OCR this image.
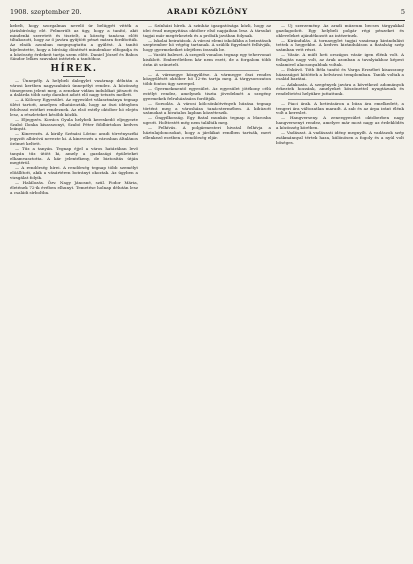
1908. szeptember 20.	ARADI KÖZLÖNY	5

kebelt, hogy szorgalmas nevelő úr belügyét vitték a járásbíróság elé. Felmerült az ügy, hogy a tanító, akit mindenki szeretett és tisztelt, a község tanácsa előtt tiltakozott, hogy az ő javára gyűjtött pénzt másra fordították. Az elnök azonban megnyugtatta a gyűlést. A tanító kijelentette, hogy a bíróság döntését mindenkor elfogadja és a közösség érdekeit tartja szem előtt. Daniel József és Babos Sándor lelkes szavakat intéztek a tanítóhoz.

HÍREK.

— Ünnepély. A helybeli dalegylet vasárnap délután a városi kertben nagyszabású ünnepélyt rendez. A közönség tömegesen jelent meg, a zenekar vidám indulókat játszott és a dalárda több szép darabot adott elő nagy tetszés mellett.

— A Kölcsey Egyesület. Az egyesület választmánya tegnap ülést tartott, amelyen elhatározták, hogy az őszi idényben felolvasó estéket rendeznek. Az első estély október hó elején lesz, a részleteket később közlik.

— Eljegyzés. Kovács Gyula helybeli kereskedő eljegyezte Szabó Ilonka kisasszonyt, Szabó Péter földbirtokos kedves leányát.

— Kinevezés. A király Szénási Lőrinc aradi törvényszéki jegyzőt albíróvá nevezte ki. A kinevezés a városban általános örömet keltett.

— Tűz a tanyán. Tegnap éjjel a város határában levő tanyán tűz ütött ki, amely a gazdasági épületeket elhamvasztotta. A kár jelentékeny, de biztosítás útján megtérül.

— A rendőrség hírei. A rendőrség tegnap több személyt előállított, akik a vásártéren botrányt okoztak. Az ügyben a vizsgálat folyik.

— Halálozás. Özv. Nagy Jánosné, szül. Fodor Mária, életének 72-ik évében elhunyt. Temetése holnap délután lesz a családi sírboltba.

— Színházi hírek. A színház igazgatósága közli, hogy az idei évad megnyitása október első napjaiban lesz. A társulat tagjai már megérkeztek és a próbák javában folynak.

— Iskolai beiratások. A városi elemi iskolákba a beiratások szeptember hó végéig tartanak. A szülők figyelmét felhívják, hogy gyermekeiket idejében írassák be.

— Vasúti baleset. A szegedi vonalon tegnap egy tehervonat kisiklott. Emberéletben kár nem esett, de a forgalom több órán át szünetelt.

— A vármegye közgyűlése. A vármegye őszi rendes közgyűlését október hó 12-én tartja meg. A tárgysorozaton több fontos ügy szerepel.

— Gyermekmentő egyesület. Az egyesület jótékony célú estélyt rendez, amelynek tiszta jövedelmét a szegény gyermekek felruházására fordítják.

— Sorsolás. A városi kölcsönkötvények húzása tegnap történt meg a városháza tanácstermében. A kihúzott számokat a hivatalos lapban közzéteszik.

— Öngyilkosság. Egy fiatal munkás tegnap a Marosba ugrott. Holttestét még nem találták meg.

— Felhívás. A polgármesteri hivatal felhívja a háztulajdonosokat, hogy a járdákat rendben tartsák, mert ellenkező esetben a rendőrség eljár.

— Új szerzemény. Az aradi múzeum becses tárgyakkal gazdagodott. Egy helybeli polgár régi pénzeket és okleveleket ajándékozott az intézetnek.

— Kirándulás. A tornaegylet tagjai vasárnap kirándulást tettek a hegyekbe. A kedves kiránduláson a fiatalság szép számban vett részt.

— Vásár. A múlt heti országos vásár igen élénk volt. A felhajtás nagy volt, az árak azonban a tavalyiakhoz képest valamivel alacsonyabbak voltak.

— Esküvő. Tóth Béla tanító és Varga Erzsébet kisasszony házasságot kötöttek a belvárosi templomban. Tanúk voltak a család barátai.

— Adakozás. A szegények javára a következő adományok érkeztek hozzánk, amelyeket köszönettel nyugtázunk és rendeltetési helyükre juttattunk.

— Piaci árak. A hetivásáron a búza ára emelkedett, a tengeri ára változatlan maradt. A zab és az árpa iránt élénk volt a kereslet.

— Hangverseny. A zeneegyesület októberben nagy hangversenyt rendez, amelyre már most nagy az érdeklődés a közönség körében.

— Vadászat. A vadászati idény megnyílt. A vadászok szép zsákmánnyal tértek haza, különösen a fogoly és a nyúl volt bőséges.
